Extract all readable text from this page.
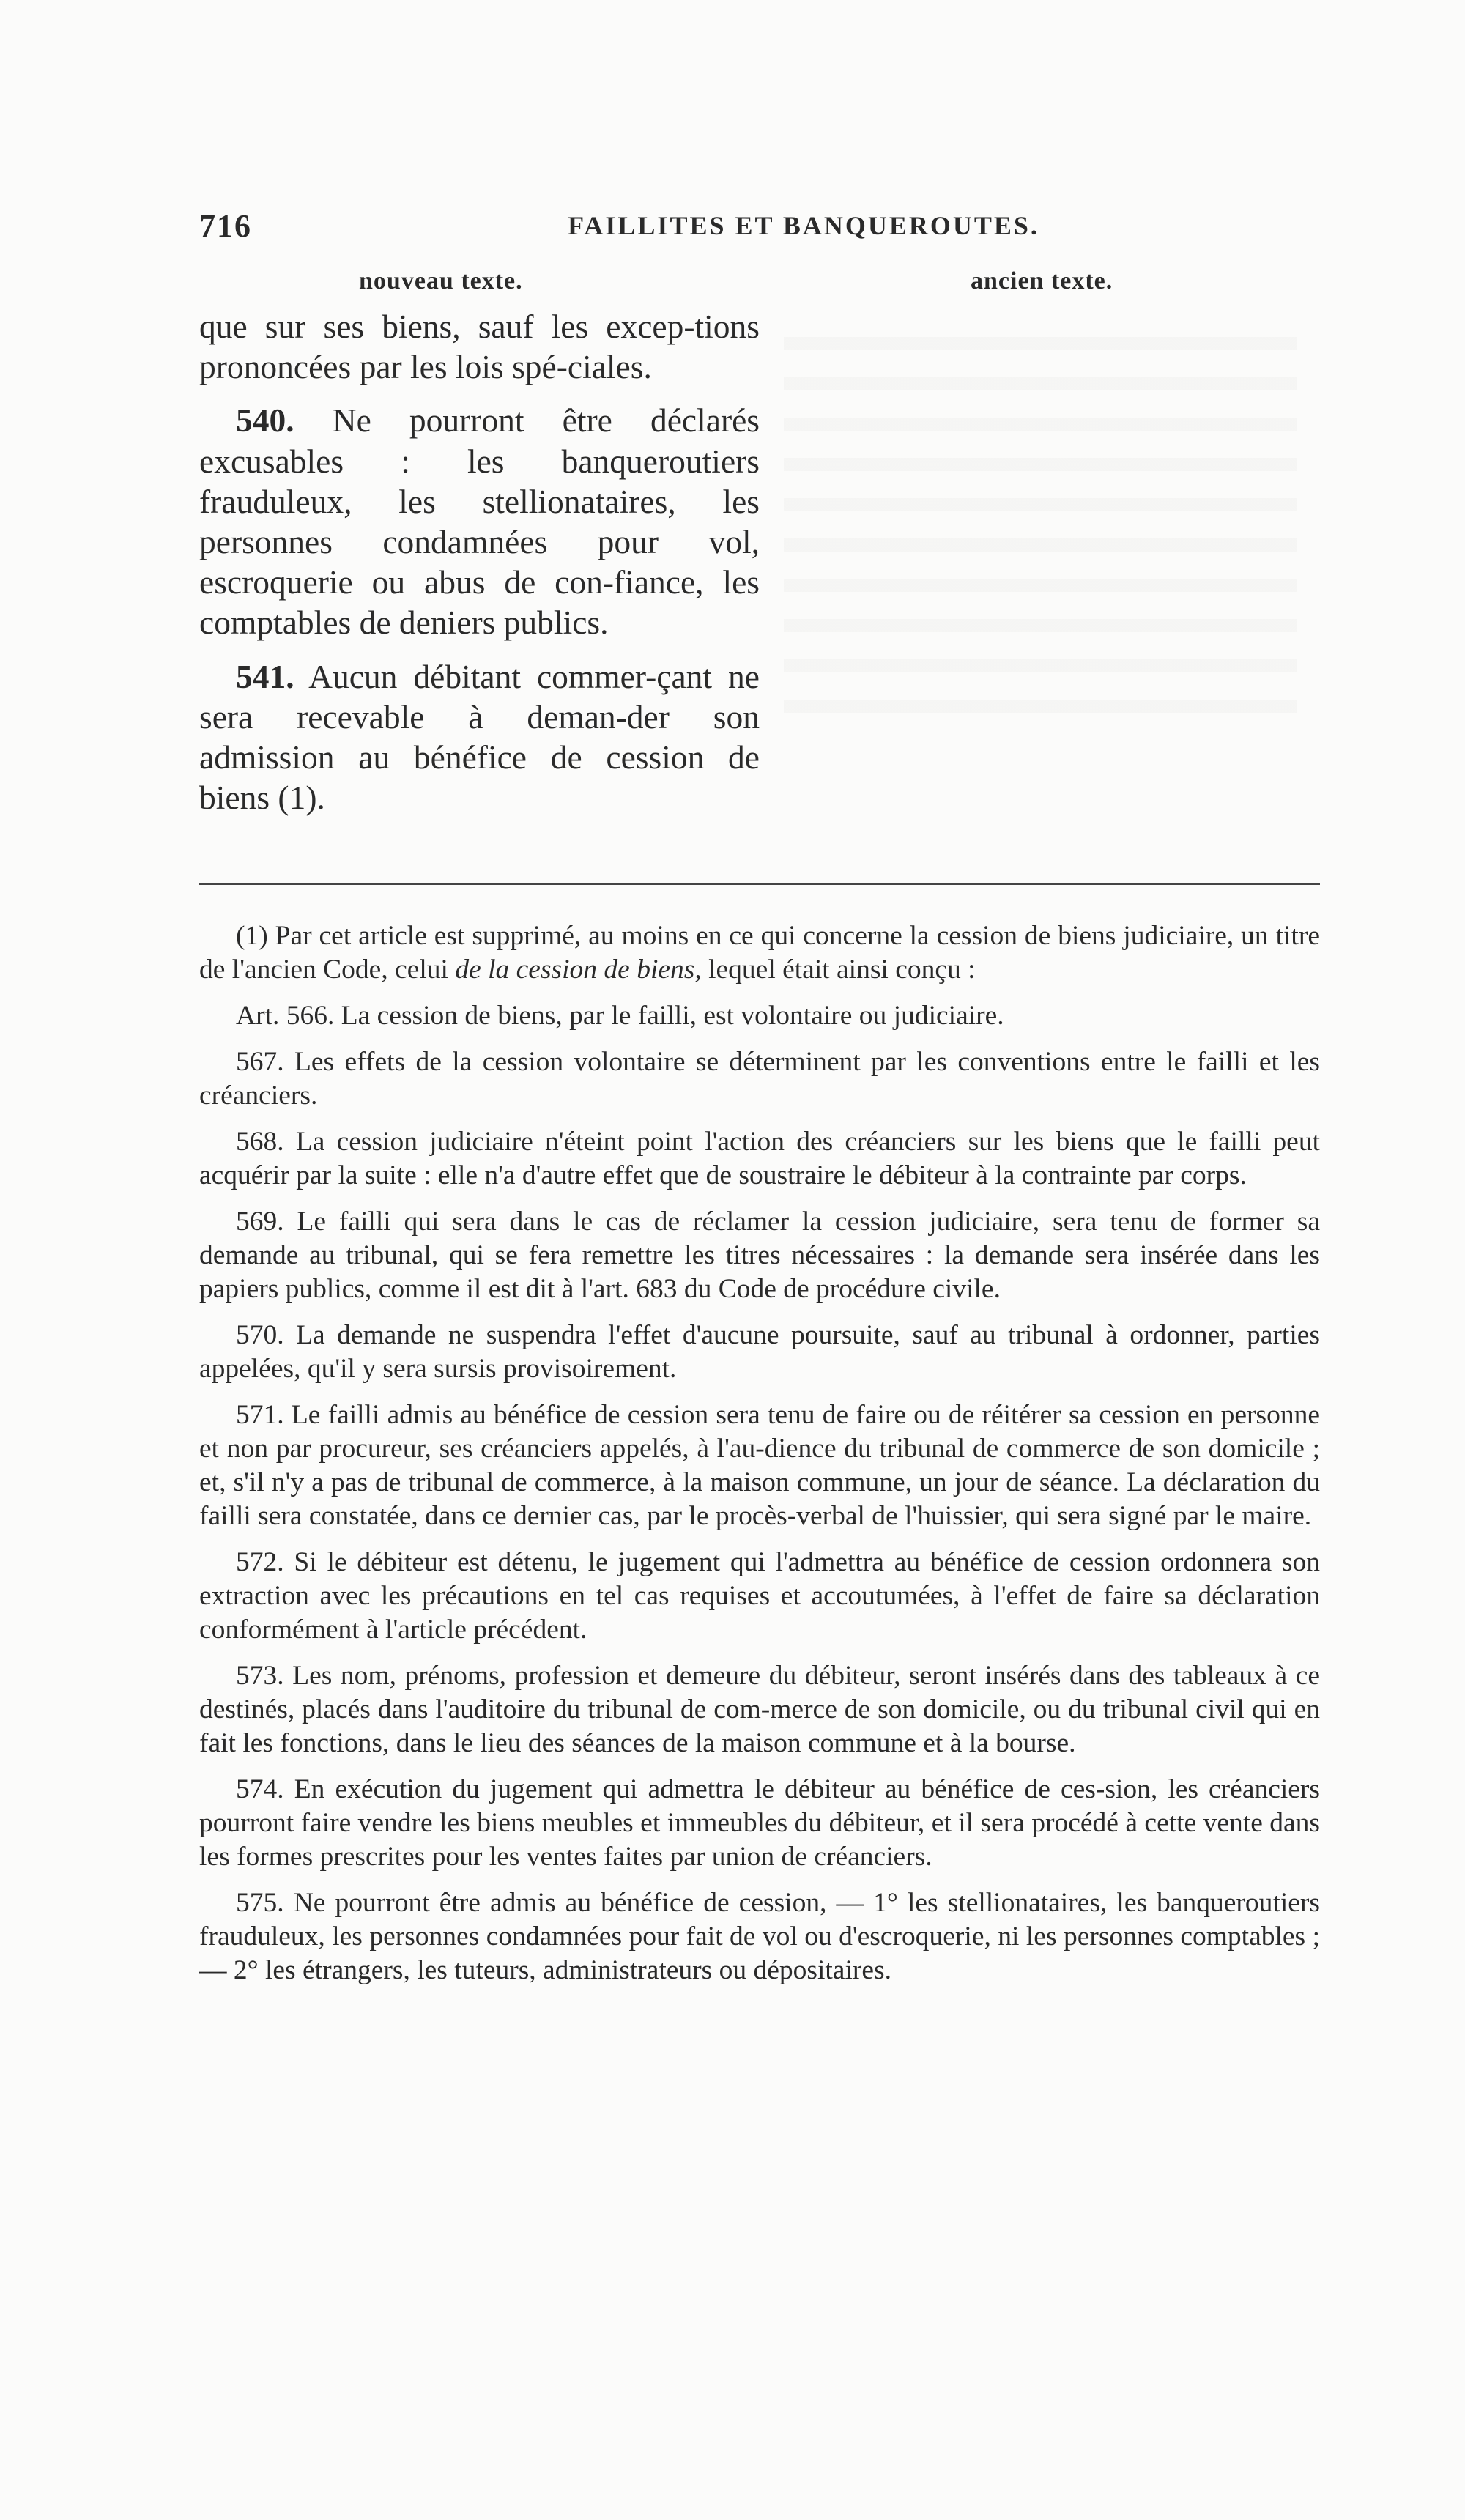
716	FAILLITES ET BANQUEROUTES.
nouveau texte.	ancien texte.

que sur ses biens, sauf les excep-tions prononcées par les lois spé-ciales.

540. Ne pourront être déclarés excusables : les banqueroutiers frauduleux, les stellionataires, les personnes condamnées pour vol, escroquerie ou abus de con-fiance, les comptables de deniers publics.

541. Aucun débitant commer-çant ne sera recevable à deman-der son admission au bénéfice de cession de biens (1).

(1) Par cet article est supprimé, au moins en ce qui concerne la cession de biens judiciaire, un titre de l'ancien Code, celui de la cession de biens, lequel était ainsi conçu :

Art. 566. La cession de biens, par le failli, est volontaire ou judiciaire.

567. Les effets de la cession volontaire se déterminent par les conventions entre le failli et les créanciers.

568. La cession judiciaire n'éteint point l'action des créanciers sur les biens que le failli peut acquérir par la suite : elle n'a d'autre effet que de soustraire le débiteur à la contrainte par corps.

569. Le failli qui sera dans le cas de réclamer la cession judiciaire, sera tenu de former sa demande au tribunal, qui se fera remettre les titres nécessaires : la demande sera insérée dans les papiers publics, comme il est dit à l'art. 683 du Code de procédure civile.

570. La demande ne suspendra l'effet d'aucune poursuite, sauf au tribunal à ordonner, parties appelées, qu'il y sera sursis provisoirement.

571. Le failli admis au bénéfice de cession sera tenu de faire ou de réitérer sa cession en personne et non par procureur, ses créanciers appelés, à l'au-dience du tribunal de commerce de son domicile ; et, s'il n'y a pas de tribunal de commerce, à la maison commune, un jour de séance. La déclaration du failli sera constatée, dans ce dernier cas, par le procès-verbal de l'huissier, qui sera signé par le maire.

572. Si le débiteur est détenu, le jugement qui l'admettra au bénéfice de cession ordonnera son extraction avec les précautions en tel cas requises et accoutumées, à l'effet de faire sa déclaration conformément à l'article précédent.

573. Les nom, prénoms, profession et demeure du débiteur, seront insérés dans des tableaux à ce destinés, placés dans l'auditoire du tribunal de com-merce de son domicile, ou du tribunal civil qui en fait les fonctions, dans le lieu des séances de la maison commune et à la bourse.

574. En exécution du jugement qui admettra le débiteur au bénéfice de ces-sion, les créanciers pourront faire vendre les biens meubles et immeubles du débiteur, et il sera procédé à cette vente dans les formes prescrites pour les ventes faites par union de créanciers.

575. Ne pourront être admis au bénéfice de cession, — 1° les stellionataires, les banqueroutiers frauduleux, les personnes condamnées pour fait de vol ou d'escroquerie, ni les personnes comptables ; — 2° les étrangers, les tuteurs, administrateurs ou dépositaires.
